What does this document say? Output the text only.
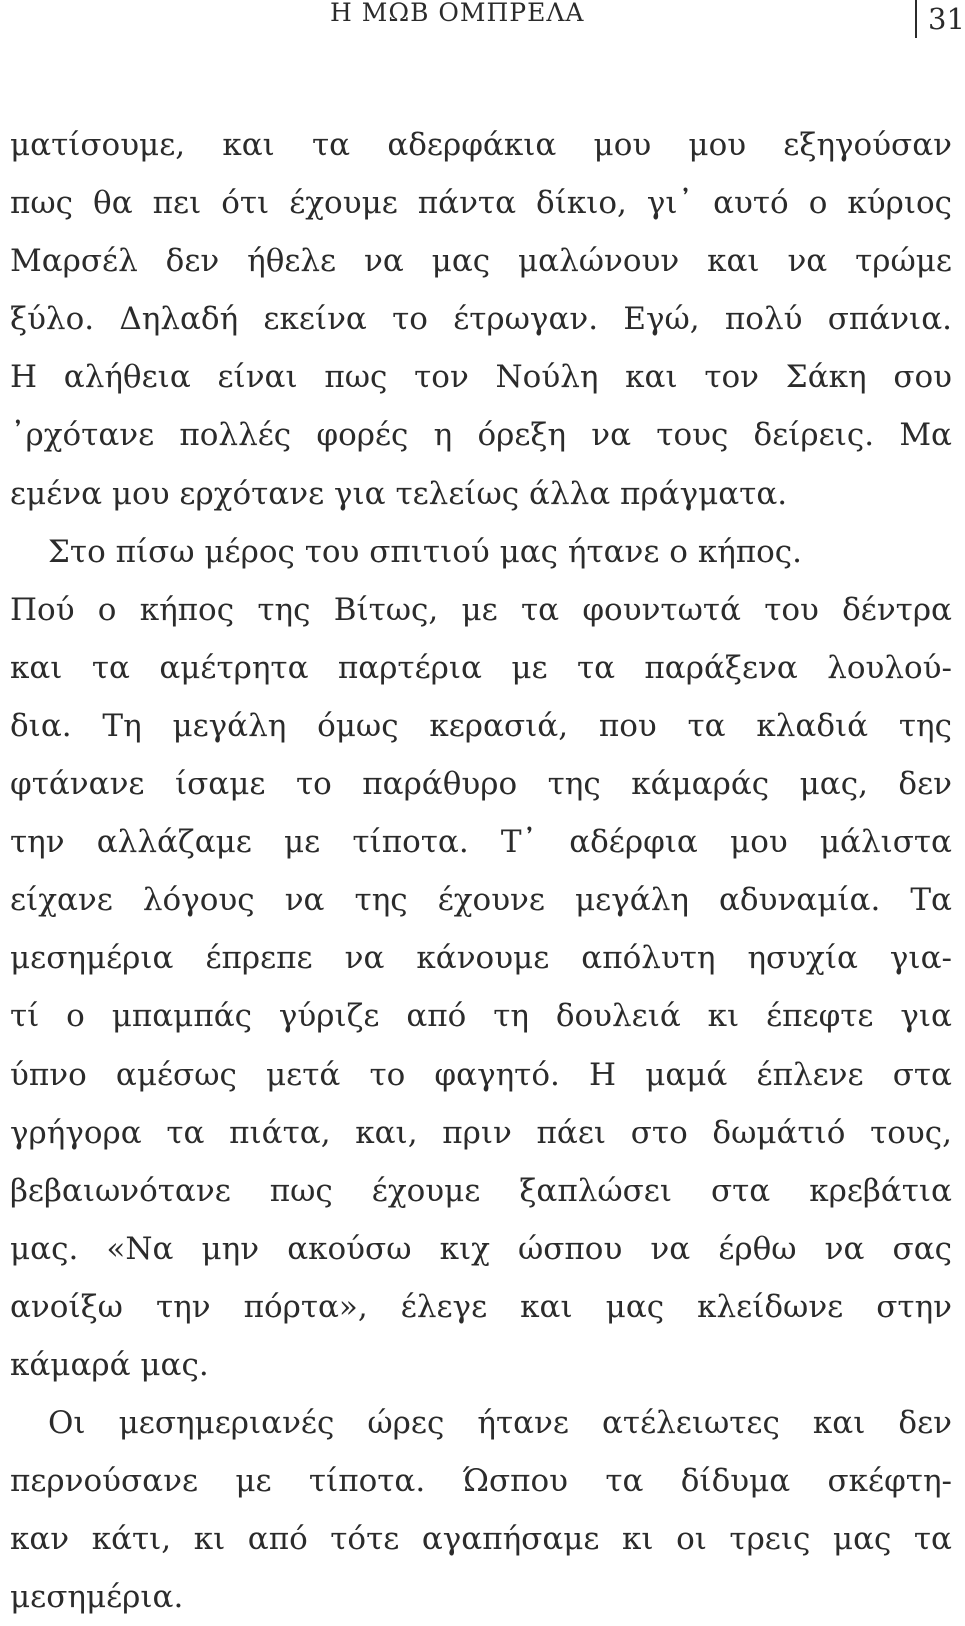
Η ΜΩΒ ΟΜΠΡΕΛΑ	31
ματίσουμε, και τα αδερφάκια μου μου εξηγούσαν
πως θα πει ότι έχουμε πάντα δίκιο, γι᾽ αυτό ο κύριος
Μαρσέλ δεν ήθελε να μας μαλώνουν και να τρώμε
ξύλο. Δηλαδή εκείνα το έτρωγαν. Εγώ, πολύ σπάνια.
Η αλήθεια είναι πως τον Νούλη και τον Σάκη σου
᾽ρχότανε πολλές φορές η όρεξη να τους δείρεις. Μα
εμένα μου ερχότανε για τελείως άλλα πράγματα.
Στο πίσω μέρος του σπιτιού μας ήτανε ο κήπος.
Πού ο κήπος της Βίτως, με τα φουντωτά του δέντρα
και τα αμέτρητα παρτέρια με τα παράξενα λουλού-
δια. Τη μεγάλη όμως κερασιά, που τα κλαδιά της
φτάνανε ίσαμε το παράθυρο της κάμαράς μας, δεν
την αλλάζαμε με τίποτα. Τ᾽ αδέρφια μου μάλιστα
είχανε λόγους να της έχουνε μεγάλη αδυναμία. Τα
μεσημέρια έπρεπε να κάνουμε απόλυτη ησυχία για-
τί ο μπαμπάς γύριζε από τη δουλειά κι έπεφτε για
ύπνο αμέσως μετά το φαγητό. Η μαμά έπλενε στα
γρήγορα τα πιάτα, και, πριν πάει στο δωμάτιό τους,
βεβαιωνότανε πως έχουμε ξαπλώσει στα κρεβάτια
μας. «Να μην ακούσω κιχ ώσπου να έρθω να σας
ανοίξω την πόρτα», έλεγε και μας κλείδωνε στην
κάμαρά μας.
Οι μεσημεριανές ώρες ήτανε ατέλειωτες και δεν
περνούσανε με τίποτα. Ώσπου τα δίδυμα σκέφτη-
καν κάτι, κι από τότε αγαπήσαμε κι οι τρεις μας τα
μεσημέρια.
